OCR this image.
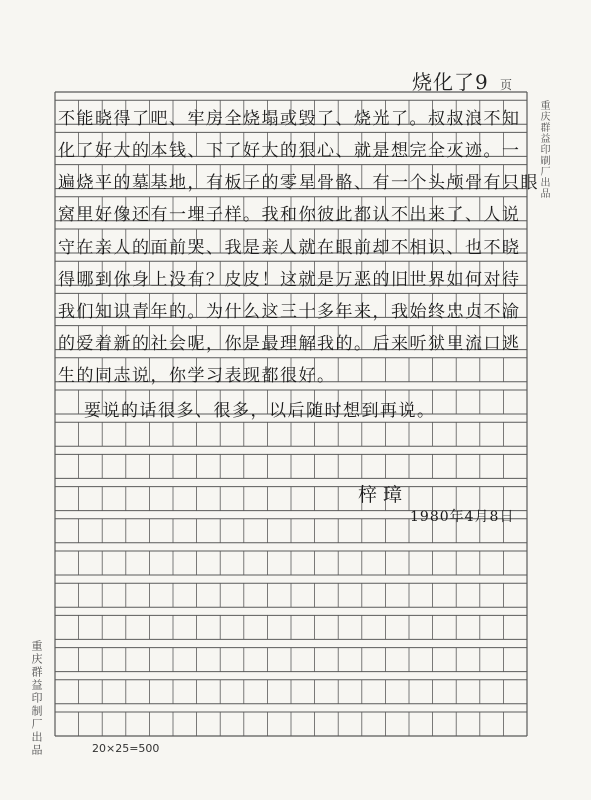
烧化了9 页
不能晓得了吧、牢房全烧塌或毁了、烧光了。叔叔浪不知
化了好大的本钱、下了好大的狠心、就是想完全灭迹。一
遍烧平的墓基地，有板子的零星骨骼、有一个头颅骨有只眼
窝里好像还有一埋子样。我和你彼此都认不出来了、人说
守在亲人的面前哭、我是亲人就在眼前却不相识、也不晓
得哪到你身上没有？皮皮！这就是万恶的旧世界如何对待
我们知识青年的。为什么这三十多年来，我始终忠贞不渝
的爱着新的社会呢，你是最理解我的。后来听狱里流口逃
生的同志说，你学习表现都很好。
要说的话很多、很多，以后随时想到再说。
梓璋
1980年4月8日
重庆群益印刷厂出品
重庆群益印制厂出品	20×25=500
